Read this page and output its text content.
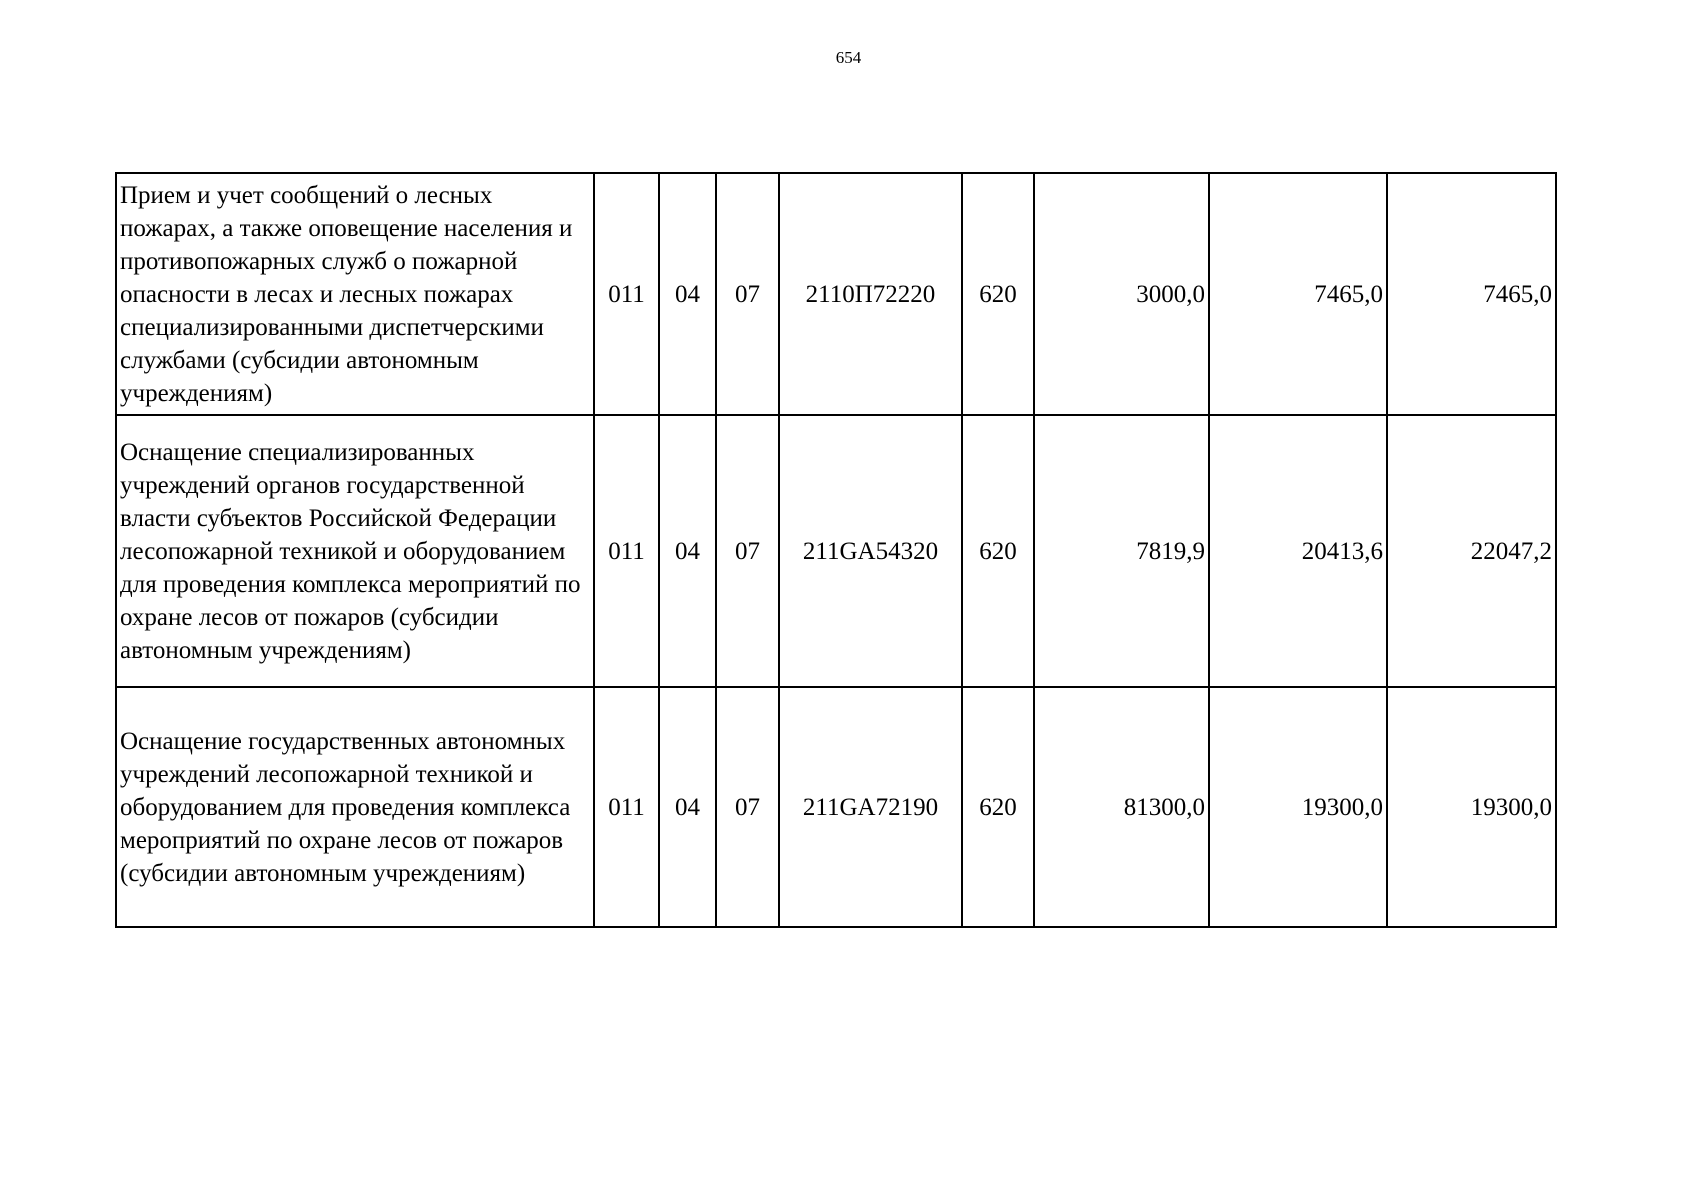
654
Прием и учет сообщений о лесных пожарах, а также оповещение населения и противопожарных служб о пожарной опасности в лесах и лесных пожарах специализированными диспетчерскими службами (субсидии автономным учреждениям)	011	04	07	2110П72220	620	3000,0	7465,0	7465,0
Оснащение специализированных учреждений органов государственной власти субъектов Российской Федерации лесопожарной техникой и оборудованием для проведения комплекса мероприятий по охране лесов от пожаров (субсидии автономным учреждениям)	011	04	07	211GA54320	620	7819,9	20413,6	22047,2
Оснащение государственных автономных учреждений лесопожарной техникой и оборудованием для проведения комплекса мероприятий по охране лесов от пожаров (субсидии автономным учреждениям)	011	04	07	211GA72190	620	81300,0	19300,0	19300,0
